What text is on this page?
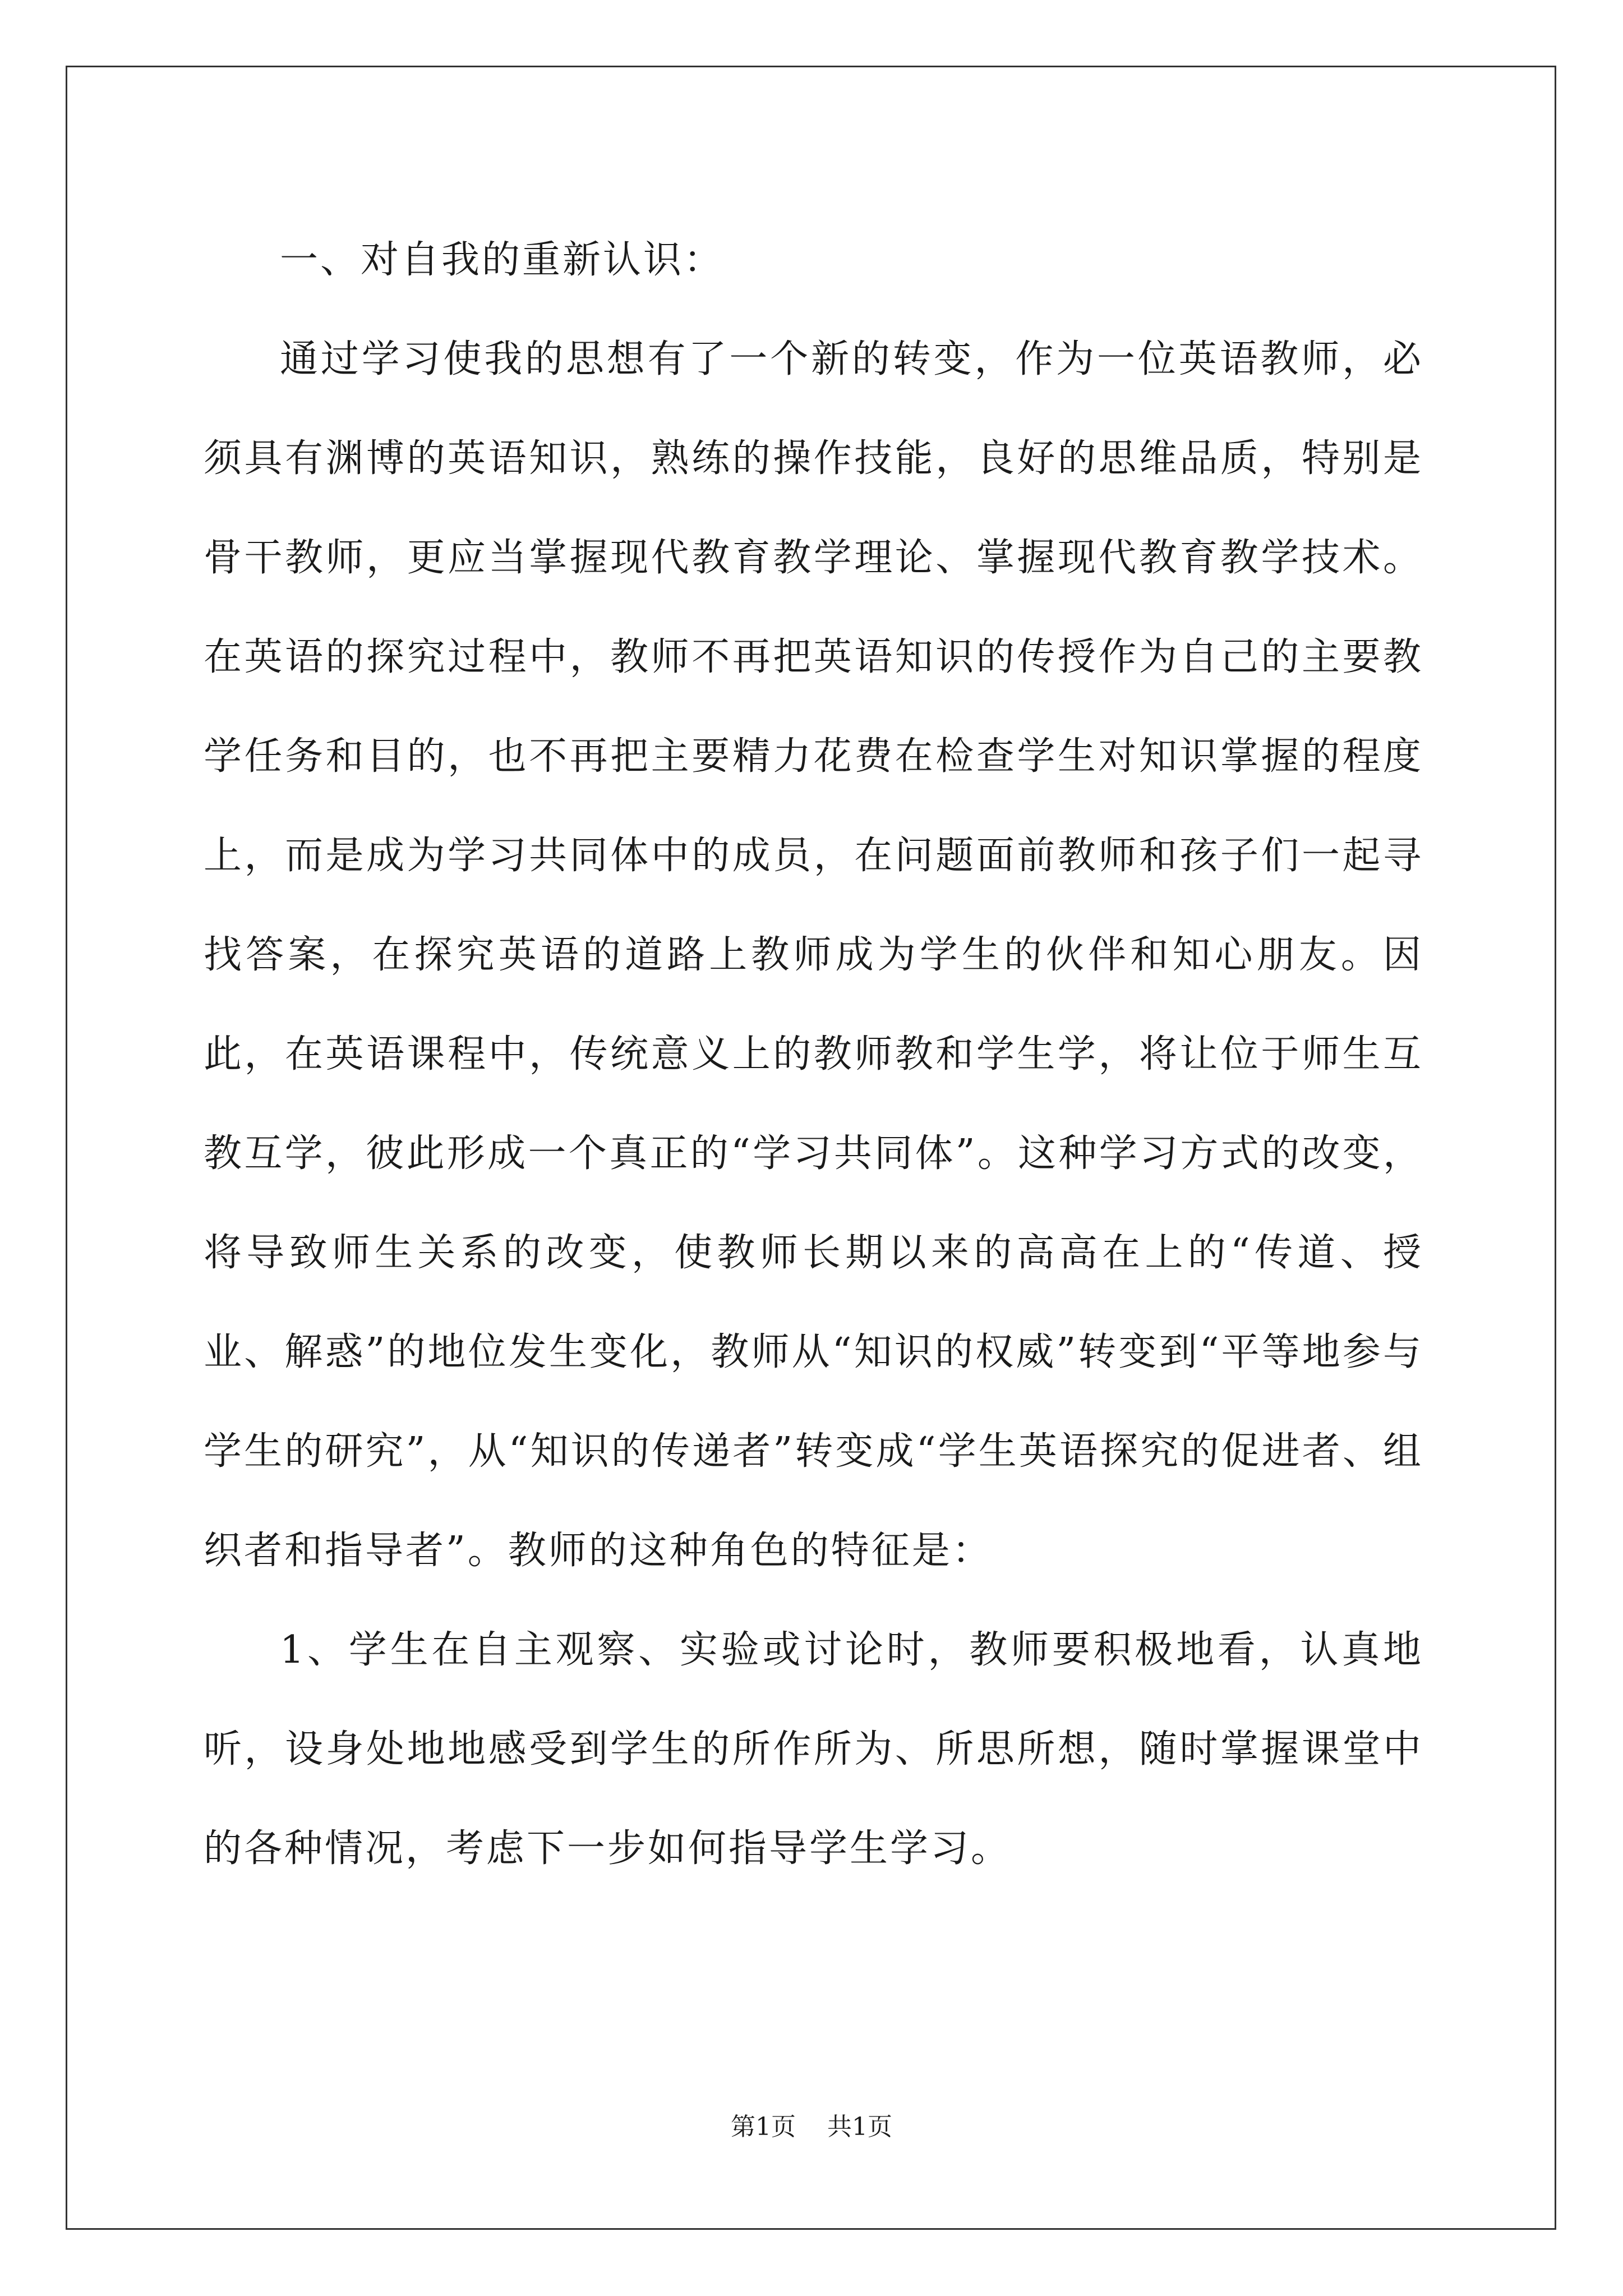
一、对自我的重新认识：

通过学习使我的思想有了一个新的转变，作为一位英语教师，必须具有渊博的英语知识，熟练的操作技能，良好的思维品质，特别是骨干教师，更应当掌握现代教育教学理论、掌握现代教育教学技术。在英语的探究过程中，教师不再把英语知识的传授作为自己的主要教学任务和目的，也不再把主要精力花费在检查学生对知识掌握的程度上，而是成为学习共同体中的成员，在问题面前教师和孩子们一起寻找答案，在探究英语的道路上教师成为学生的伙伴和知心朋友。因此，在英语课程中，传统意义上的教师教和学生学，将让位于师生互教互学，彼此形成一个真正的“学习共同体”。这种学习方式的改变，将导致师生关系的改变，使教师长期以来的高高在上的“传道、授业、解惑”的地位发生变化，教师从“知识的权威”转变到“平等地参与学生的研究”，从“知识的传递者”转变成“学生英语探究的促进者、组织者和指导者”。教师的这种角色的特征是：

1、学生在自主观察、实验或讨论时，教师要积极地看，认真地听，设身处地地感受到学生的所作所为、所思所想，随时掌握课堂中的各种情况，考虑下一步如何指导学生学习。

第1页 共1页
